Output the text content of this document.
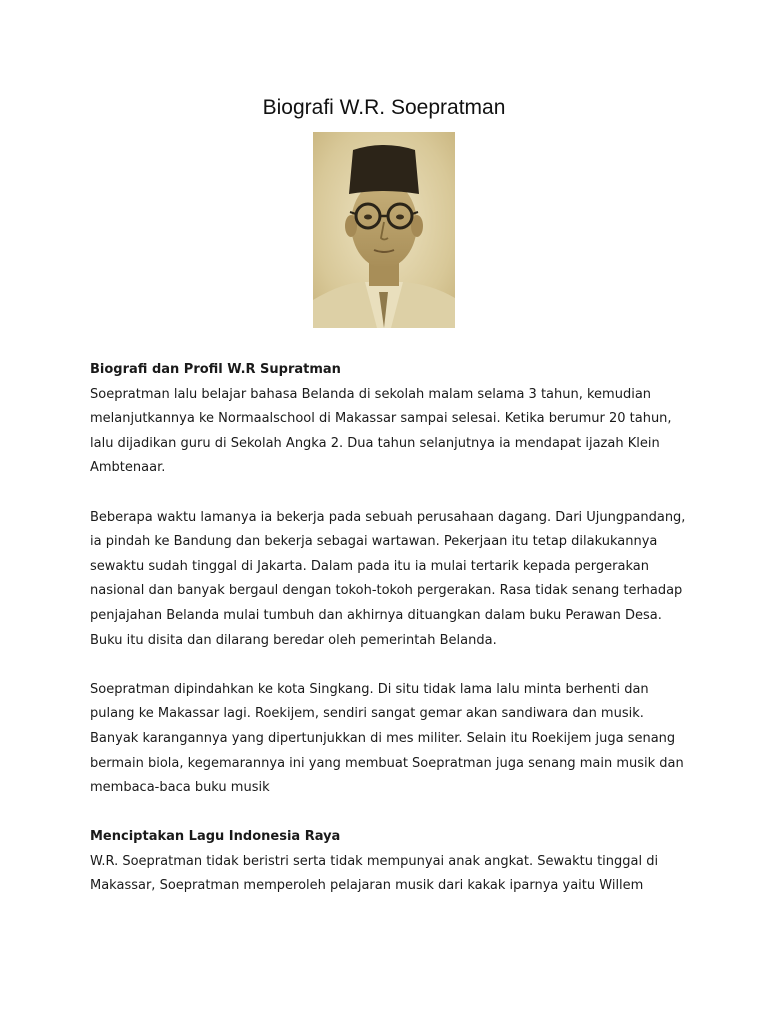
Biografi W.R. Soepratman
Biografi dan Profil W.R Supratman

Soepratman lalu belajar bahasa Belanda di sekolah malam selama 3 tahun, kemudian melanjutkannya ke Normaalschool di Makassar sampai selesai. Ketika berumur 20 tahun, lalu dijadikan guru di Sekolah Angka 2. Dua tahun selanjutnya ia mendapat ijazah Klein Ambtenaar.

Beberapa waktu lamanya ia bekerja pada sebuah perusahaan dagang. Dari Ujungpandang, ia pindah ke Bandung dan bekerja sebagai wartawan. Pekerjaan itu tetap dilakukannya sewaktu sudah tinggal di Jakarta. Dalam pada itu ia mulai tertarik kepada pergerakan nasional dan banyak bergaul dengan tokoh-tokoh pergerakan. Rasa tidak senang terhadap penjajahan Belanda mulai tumbuh dan akhirnya dituangkan dalam buku Perawan Desa. Buku itu disita dan dilarang beredar oleh pemerintah Belanda.

Soepratman dipindahkan ke kota Singkang. Di situ tidak lama lalu minta berhenti dan pulang ke Makassar lagi. Roekijem, sendiri sangat gemar akan sandiwara dan musik. Banyak karangannya yang dipertunjukkan di mes militer. Selain itu Roekijem juga senang bermain biola, kegemarannya ini yang membuat Soepratman juga senang main musik dan membaca-baca buku musik

Menciptakan Lagu Indonesia Raya

W.R. Soepratman tidak beristri serta tidak mempunyai anak angkat. Sewaktu tinggal di Makassar, Soepratman memperoleh pelajaran musik dari kakak iparnya yaitu Willem
